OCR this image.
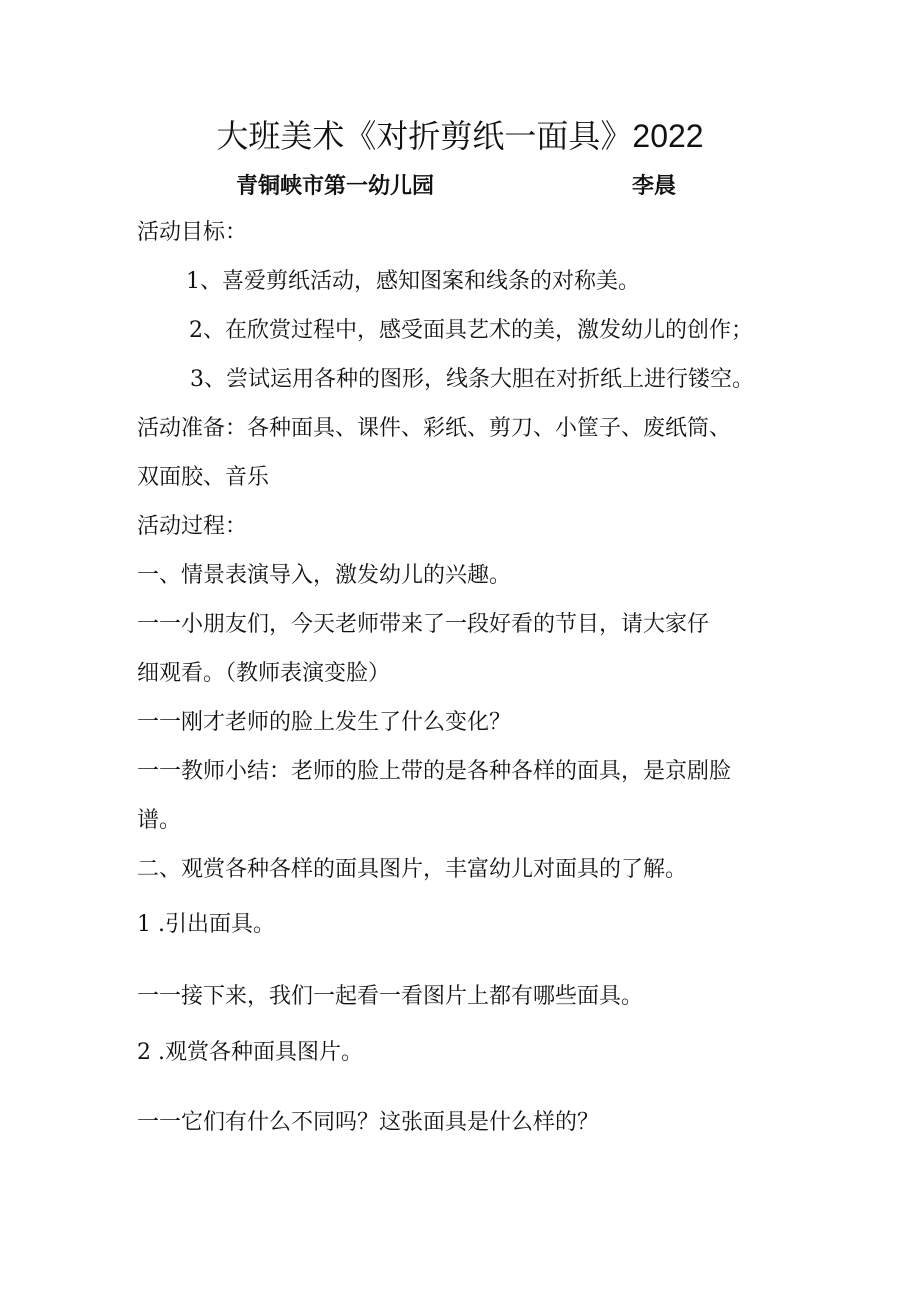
大班美术《对折剪纸一面具》2022
青铜峡市第一幼儿园	李晨
活动目标：
1、喜爱剪纸活动，感知图案和线条的对称美。
2、在欣赏过程中，感受面具艺术的美，激发幼儿的创作；
3、尝试运用各种的图形，线条大胆在对折纸上进行镂空。
活动准备：各种面具、课件、彩纸、剪刀、小筐子、废纸筒、
双面胶、音乐
活动过程：
一、情景表演导入，激发幼儿的兴趣。
一一小朋友们，今天老师带来了一段好看的节目，请大家仔
细观看。（教师表演变脸）
一一刚才老师的脸上发生了什么变化？
一一教师小结：老师的脸上带的是各种各样的面具，是京剧脸
谱。
二、观赏各种各样的面具图片，丰富幼儿对面具的了解。
1 .引出面具。
一一接下来，我们一起看一看图片上都有哪些面具。
2 .观赏各种面具图片。
一一它们有什么不同吗？这张面具是什么样的？
